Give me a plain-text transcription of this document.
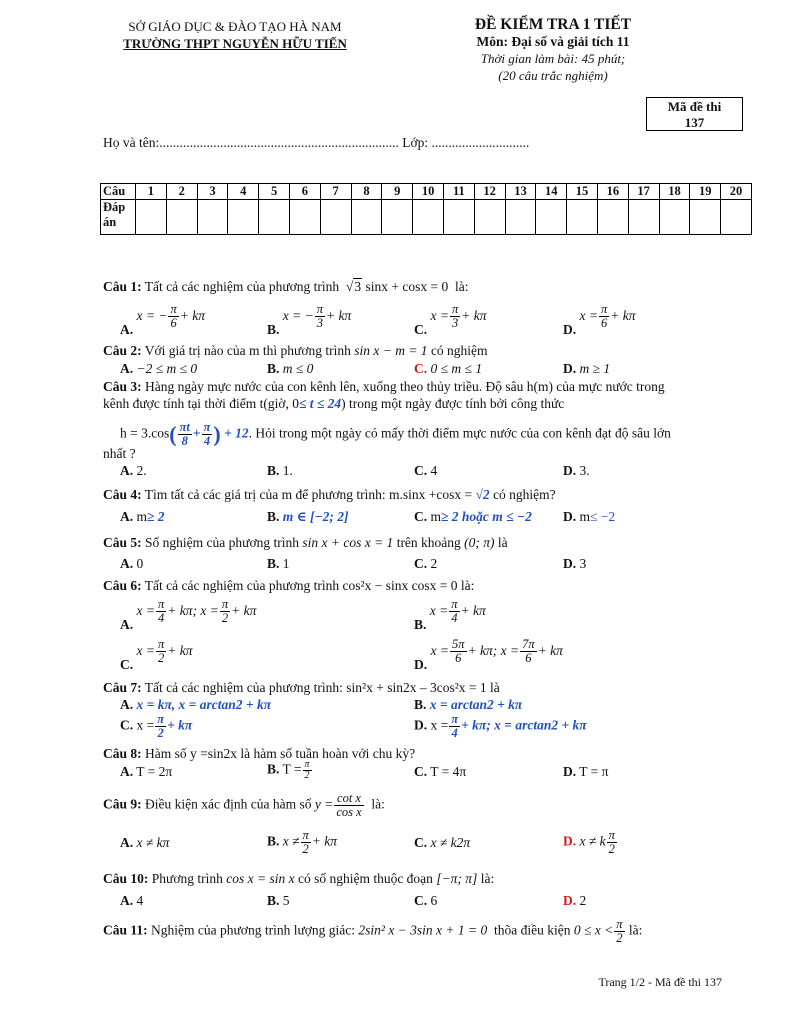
SỞ GIÁO DỤC & ĐÀO TẠO HÀ NAM
TRƯỜNG THPT NGUYỄN HỮU TIẾN
ĐỀ KIỂM TRA 1 TIẾT
Môn: Đại số và giải tích 11
Thời gian làm bài: 45 phút;
(20 câu trắc nghiệm)
Mã đề thi
137
Họ và tên:....................................................................... Lớp: .............................
Câu	1	2	3	4	5	6	7	8	9	10	11	12	13	14	15	16	17	18	19	20
Đáp án																				
Câu 1: Tất cả các nghiệm của phương trình  √3 sinx + cosx = 0 là:
A. x = − $\frac{\pi}{6} + k\pi$
B. x = − $\frac{\pi}{3} + k\pi$
C. $x = \frac{\pi}{3} + k\pi$
D. $x = \frac{\pi}{6} + k\pi$
Câu 2: Với giá trị nào của m thì phương trình sin x − m = 1 có nghiệm
A. −2 ≤ m ≤ 0	B. m ≤ 0	C. 0 ≤ m ≤ 1	D. m ≥ 1
Câu 3: Hàng ngày mực nước của con kênh lên, xuống theo thủy triều. Độ sâu h(m) của mực nước trong
kênh được tính tại thời điểm t(giờ, 0≤ t ≤ 24) trong một ngày được tính bởi công thức
$h = 3.\cos( \frac{\pi t}{8} + \frac{\pi}{4}$ ) + 12. Hỏi trong một ngày có mấy thời điểm mực nước của con kênh đạt độ sâu lớn
nhất ?
A. 2.	B. 1.	C. 4	D. 3.
Câu 4: Tìm tất cả các giá trị của m để phương trình: m.sinx +cosx = √2 có nghiệm?
A. m≥ 2	B. m ∈ [−2; 2]	C. m≥ 2 hoặc m ≤ −2 D. m≤ −2
Câu 5: Số nghiệm của phương trình sin x + cos x = 1 trên khoảng (0; π) là
A. 0	B. 1	C. 2	D. 3
Câu 6: Tất cả các nghiệm của phương trình cos²x − sinx cosx = 0 là:
A. $x = \frac{\pi}{4} + k\pi$; $x = \frac{\pi}{2} + k\pi$
B. $x = \frac{\pi}{4} + k\pi$
C. $x = \frac{\pi}{2} + k\pi$
D. $x = \frac{5\pi}{6} + k\pi$; $x = \frac{7\pi}{6} + k\pi$
Câu 7: Tất cả các nghiệm của phương trình: sin²x + sin2x – 3cos²x = 1 là
A. x = kπ, x = arctan2 + kπ	B. x = arctan2 + kπ
C. $x = \frac{\pi}{2} + k\pi$	D. $x = \frac{\pi}{4} + k\pi$; x = arctan2 + kπ
Câu 8: Hàm số y =sin2x là hàm số tuần hoàn với chu kỳ?
A. T = 2π	B. $T = \frac{\pi}{2}$	C. T = 4π	D. T = π
Câu 9: Điều kiện xác định của hàm số $y = \frac{\text{cot x}}{\text{cos x}}$ là:
A. x ≠ kπ	B. $x \ne \frac{\pi}{2} + k\pi$	C. x ≠ k2π	D. x ≠ k $\frac{\pi}{2}$
Câu 10: Phương trình cos x = sin x có số nghiệm thuộc đoạn [−π; π] là:
A. 4	B. 5	C. 6	D. 2
Câu 11: Nghiệm của phương trình lượng giác: 2sin² x − 3sin x + 1 = 0 thõa điều kiện $0 \le x < \frac{\pi}{2}$ là:
Trang 1/2 - Mã đề thi 137
